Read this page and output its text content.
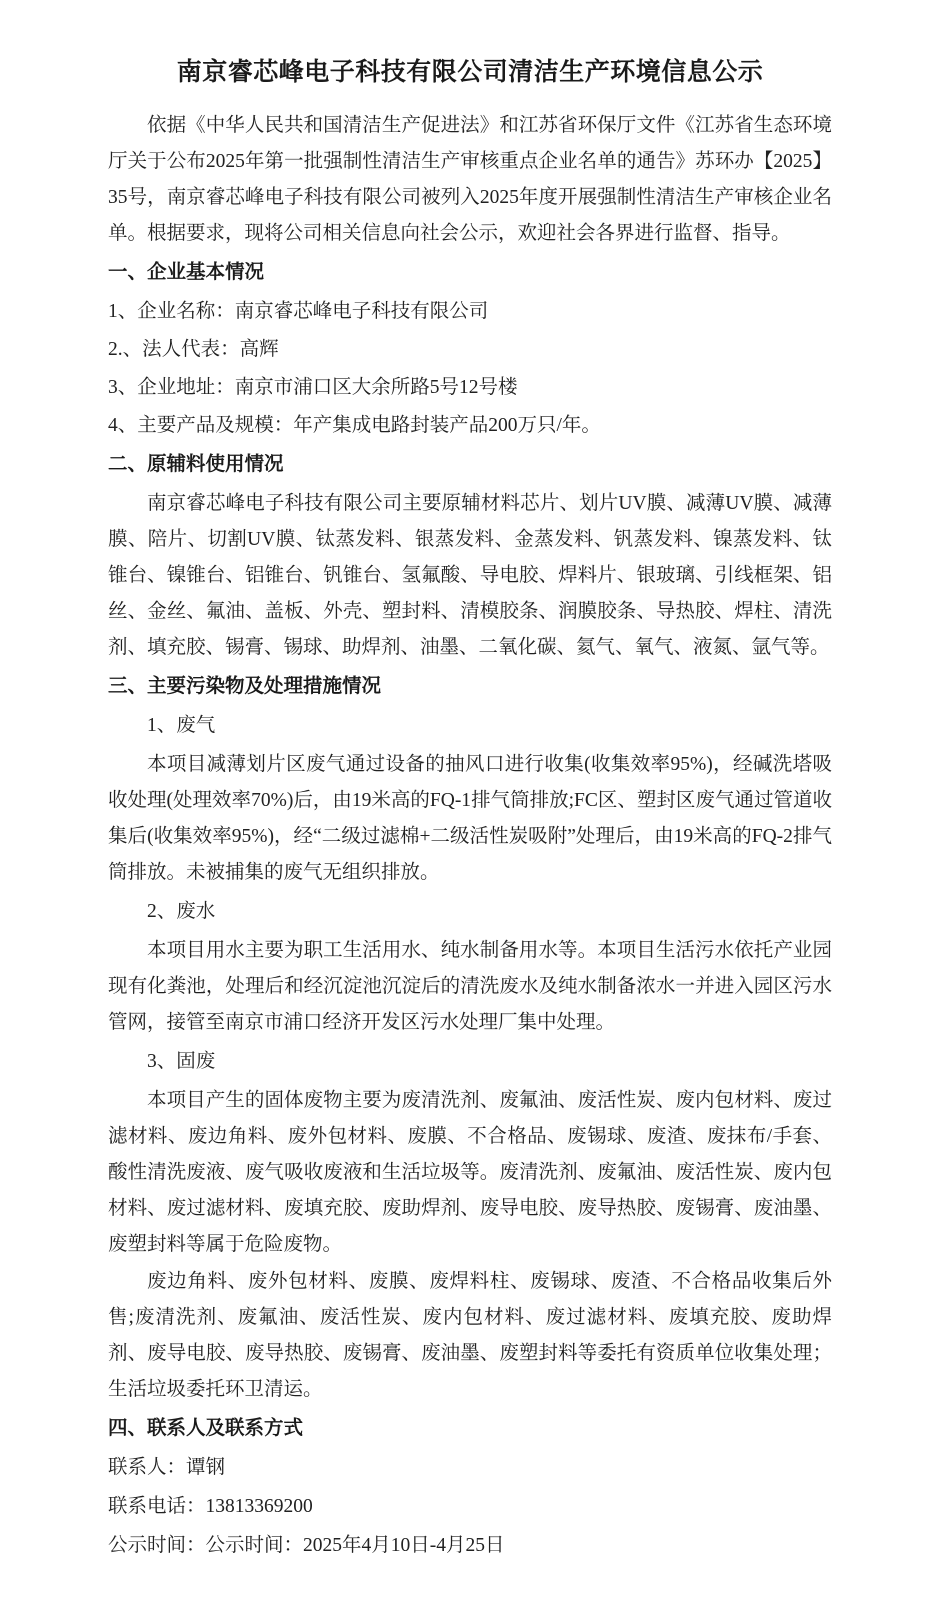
南京睿芯峰电子科技有限公司清洁生产环境信息公示

依据《中华人民共和国清洁生产促进法》和江苏省环保厅文件《江苏省生态环境厅关于公布2025年第一批强制性清洁生产审核重点企业名单的通告》苏环办【2025】35号，南京睿芯峰电子科技有限公司被列入2025年度开展强制性清洁生产审核企业名单。根据要求，现将公司相关信息向社会公示，欢迎社会各界进行监督、指导。

一、企业基本情况

1、企业名称：南京睿芯峰电子科技有限公司

2.、法人代表：高辉

3、企业地址：南京市浦口区大余所路5号12号楼

4、主要产品及规模：年产集成电路封装产品200万只/年。

二、原辅料使用情况

南京睿芯峰电子科技有限公司主要原辅材料芯片、划片UV膜、减薄UV膜、减薄膜、陪片、切割UV膜、钛蒸发料、银蒸发料、金蒸发料、钒蒸发料、镍蒸发料、钛锥台、镍锥台、铝锥台、钒锥台、氢氟酸、导电胶、焊料片、银玻璃、引线框架、铝丝、金丝、氟油、盖板、外壳、塑封料、清模胶条、润膜胶条、导热胶、焊柱、清洗剂、填充胶、锡膏、锡球、助焊剂、油墨、二氧化碳、氦气、氧气、液氮、氩气等。

三、主要污染物及处理措施情况

1、废气

本项目减薄划片区废气通过设备的抽风口进行收集(收集效率95%)，经碱洗塔吸收处理(处理效率70%)后，由19米高的FQ-1排气筒排放;FC区、塑封区废气通过管道收集后(收集效率95%)，经“二级过滤棉+二级活性炭吸附”处理后，由19米高的FQ-2排气筒排放。未被捕集的废气无组织排放。

2、废水

本项目用水主要为职工生活用水、纯水制备用水等。本项目生活污水依托产业园现有化粪池，处理后和经沉淀池沉淀后的清洗废水及纯水制备浓水一并进入园区污水管网，接管至南京市浦口经济开发区污水处理厂集中处理。

3、固废

本项目产生的固体废物主要为废清洗剂、废氟油、废活性炭、废内包材料、废过滤材料、废边角料、废外包材料、废膜、不合格品、废锡球、废渣、废抹布/手套、酸性清洗废液、废气吸收废液和生活垃圾等。废清洗剂、废氟油、废活性炭、废内包材料、废过滤材料、废填充胶、废助焊剂、废导电胶、废导热胶、废锡膏、废油墨、废塑封料等属于危险废物。

废边角料、废外包材料、废膜、废焊料柱、废锡球、废渣、不合格品收集后外售;废清洗剂、废氟油、废活性炭、废内包材料、废过滤材料、废填充胶、废助焊剂、废导电胶、废导热胶、废锡膏、废油墨、废塑封料等委托有资质单位收集处理；生活垃圾委托环卫清运。

四、联系人及联系方式

联系人：谭钢

联系电话：13813369200

公示时间：公示时间：2025年4月10日-4月25日
